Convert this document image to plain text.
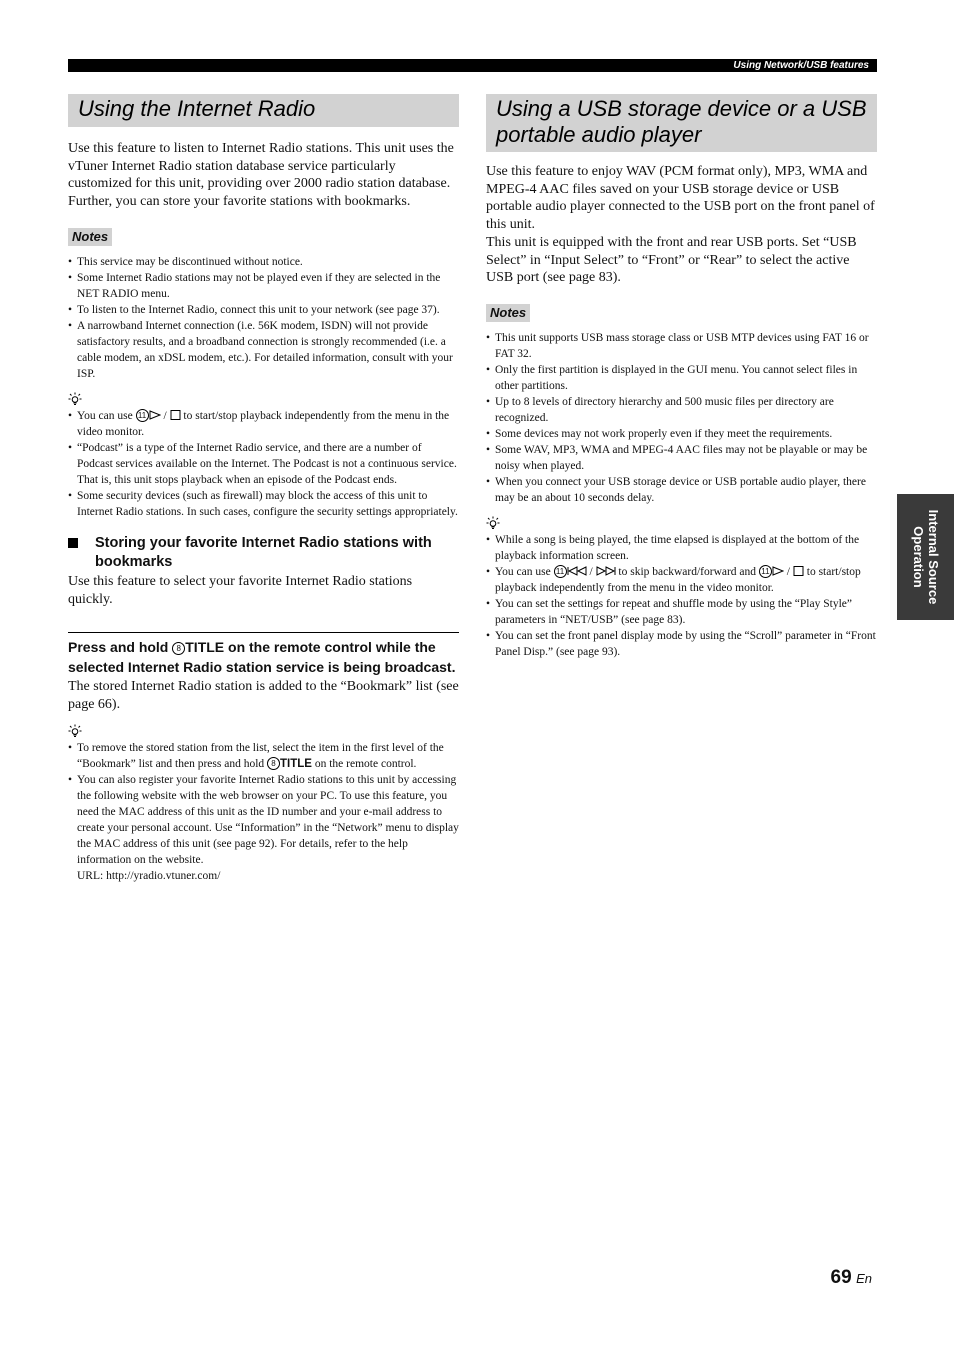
Using Network/USB features
Using the Internet Radio

Use this feature to listen to Internet Radio stations. This unit uses the vTuner Internet Radio station database service particularly customized for this unit, providing over 2000 radio station database. Further, you can store your favorite stations with bookmarks.

Notes
• This service may be discontinued without notice.
• Some Internet Radio stations may not be played even if they are selected in the NET RADIO menu.
• To listen to the Internet Radio, connect this unit to your network (see page 37).
• A narrowband Internet connection (i.e. 56K modem, ISDN) will not provide satisfactory results, and a broadband connection is strongly recommended (i.e. a cable modem, an xDSL modem, etc.). For detailed information, consult with your ISP.
• You can use 11 /  to start/stop playback independently from the menu in the video monitor.
• “Podcast” is a type of the Internet Radio service, and there are a number of Podcast services available on the Internet. The Podcast is not a continuous service. That is, this unit stops playback when an episode of the Podcast ends.
• Some security devices (such as firewall) may block the access of this unit to Internet Radio stations. In such cases, configure the security settings appropriately.
Storing your favorite Internet Radio stations with bookmarks

Use this feature to select your favorite Internet Radio stations quickly.

Press and hold 8 TITLE on the remote control while the selected Internet Radio station service is being broadcast.

The stored Internet Radio station is added to the “Bookmark” list (see page 66).

• To remove the stored station from the list, select the item in the first level of the “Bookmark” list and then press and hold 8 TITLE on the remote control.
• You can also register your favorite Internet Radio stations to this unit by accessing the following website with the web browser on your PC. To use this feature, you need the MAC address of this unit as the ID number and your e-mail address to create your personal account. Use “Information” in the “Network” menu to display the MAC address of this unit (see page 92). For details, refer to the help information on the website.
URL: http://yradio.vtuner.com/
Using a USB storage device or a USB portable audio player

Use this feature to enjoy WAV (PCM format only), MP3, WMA and MPEG-4 AAC files saved on your USB storage device or USB portable audio player connected to the USB port on the front panel of this unit.

This unit is equipped with the front and rear USB ports. Set “USB Select” in “Input Select” to “Front” or “Rear” to select the active USB port (see page 83).

Notes
• This unit supports USB mass storage class or USB MTP devices using FAT 16 or FAT 32.
• Only the first partition is displayed in the GUI menu. You cannot select files in other partitions.
• Up to 8 levels of directory hierarchy and 500 music files per directory are recognized.
• Some devices may not work properly even if they meet the requirements.
• Some WAV, MP3, WMA and MPEG-4 AAC files may not be playable or may be noisy when played.
• When you connect your USB storage device or USB portable audio player, there may be an about 10 seconds delay.
• While a song is being played, the time elapsed is displayed at the bottom of the playback information screen.
• You can use 11 /  to skip backward/forward and 11 /  to start/stop playback independently from the menu in the video monitor.
• You can set the settings for repeat and shuffle mode by using the “Play Style” parameters in “NET/USB” (see page 83).
• You can set the front panel display mode by using the “Scroll” parameter in “Front Panel Disp.” (see page 93).
Internal Source Operation
69 En
